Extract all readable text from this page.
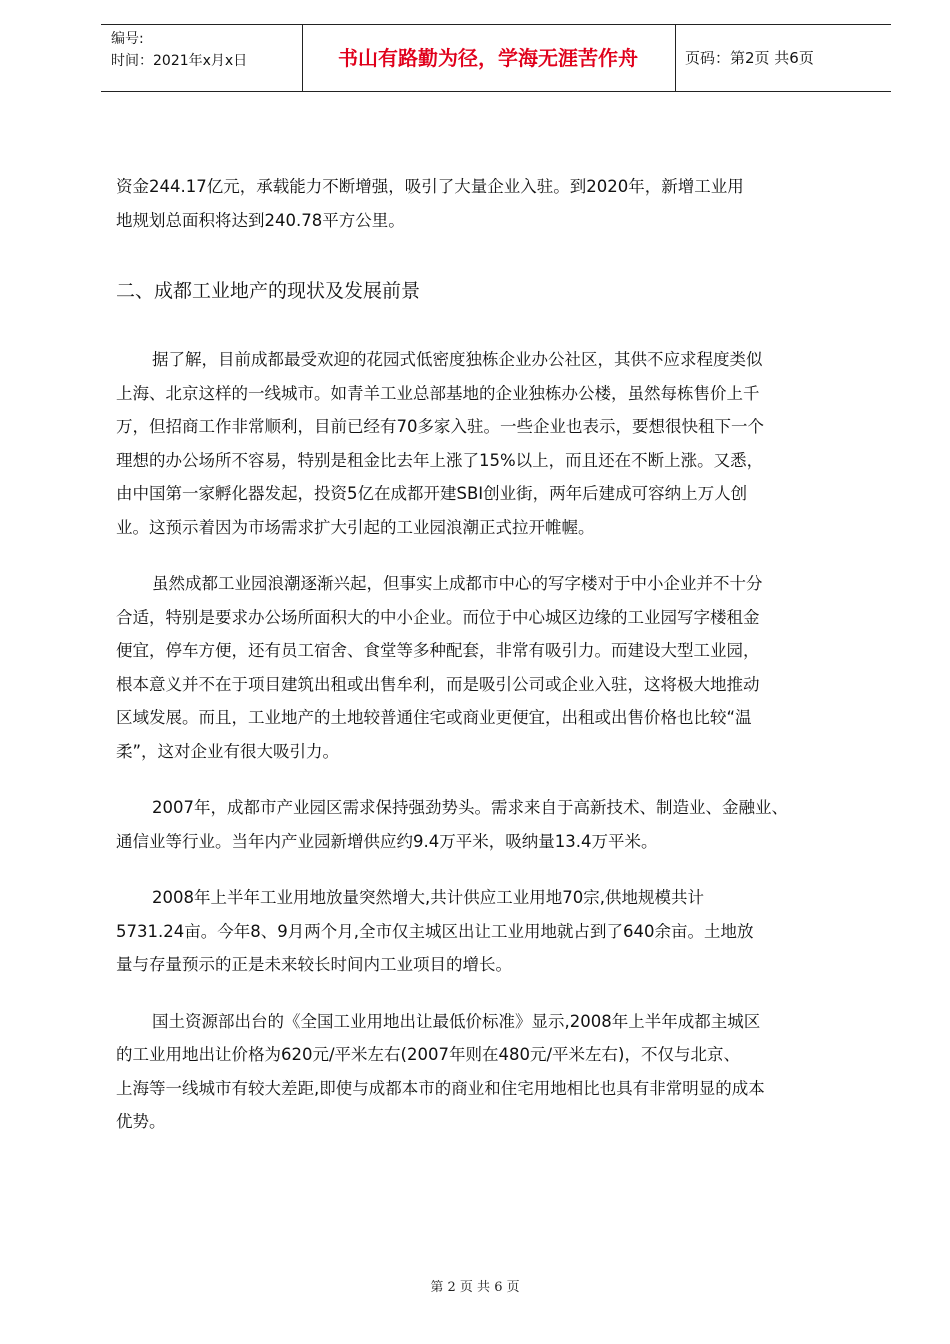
编号:
时间：2021年x月x日	书山有路勤为径，学海无涯苦作舟	页码：第2页 共6页

资金244.17亿元，承载能力不断增强，吸引了大量企业入驻。到2020年，新增工业用
地规划总面积将达到240.78平方公里。

二、成都工业地产的现状及发展前景

据了解，目前成都最受欢迎的花园式低密度独栋企业办公社区，其供不应求程度类似
上海、北京这样的一线城市。如青羊工业总部基地的企业独栋办公楼，虽然每栋售价上千
万，但招商工作非常顺利，目前已经有70多家入驻。一些企业也表示，要想很快租下一个
理想的办公场所不容易，特别是租金比去年上涨了15%以上，而且还在不断上涨。又悉，
由中国第一家孵化器发起，投资5亿在成都开建SBI创业街，两年后建成可容纳上万人创
业。这预示着因为市场需求扩大引起的工业园浪潮正式拉开帷幄。

虽然成都工业园浪潮逐渐兴起，但事实上成都市中心的写字楼对于中小企业并不十分
合适，特别是要求办公场所面积大的中小企业。而位于中心城区边缘的工业园写字楼租金
便宜，停车方便，还有员工宿舍、食堂等多种配套，非常有吸引力。而建设大型工业园，
根本意义并不在于项目建筑出租或出售牟利，而是吸引公司或企业入驻，这将极大地推动
区域发展。而且，工业地产的土地较普通住宅或商业更便宜，出租或出售价格也比较“温
柔”，这对企业有很大吸引力。

2007年，成都市产业园区需求保持强劲势头。需求来自于高新技术、制造业、金融业、
通信业等行业。当年内产业园新增供应约9.4万平米，吸纳量13.4万平米。

2008年上半年工业用地放量突然增大,共计供应工业用地70宗,供地规模共计
5731.24亩。今年8、9月两个月,全市仅主城区出让工业用地就占到了640余亩。土地放
量与存量预示的正是未来较长时间内工业项目的增长。

国土资源部出台的《全国工业用地出让最低价标准》显示,2008年上半年成都主城区
的工业用地出让价格为620元/平米左右(2007年则在480元/平米左右)，不仅与北京、
上海等一线城市有较大差距,即使与成都本市的商业和住宅用地相比也具有非常明显的成本
优势。

第 2 页 共 6 页
